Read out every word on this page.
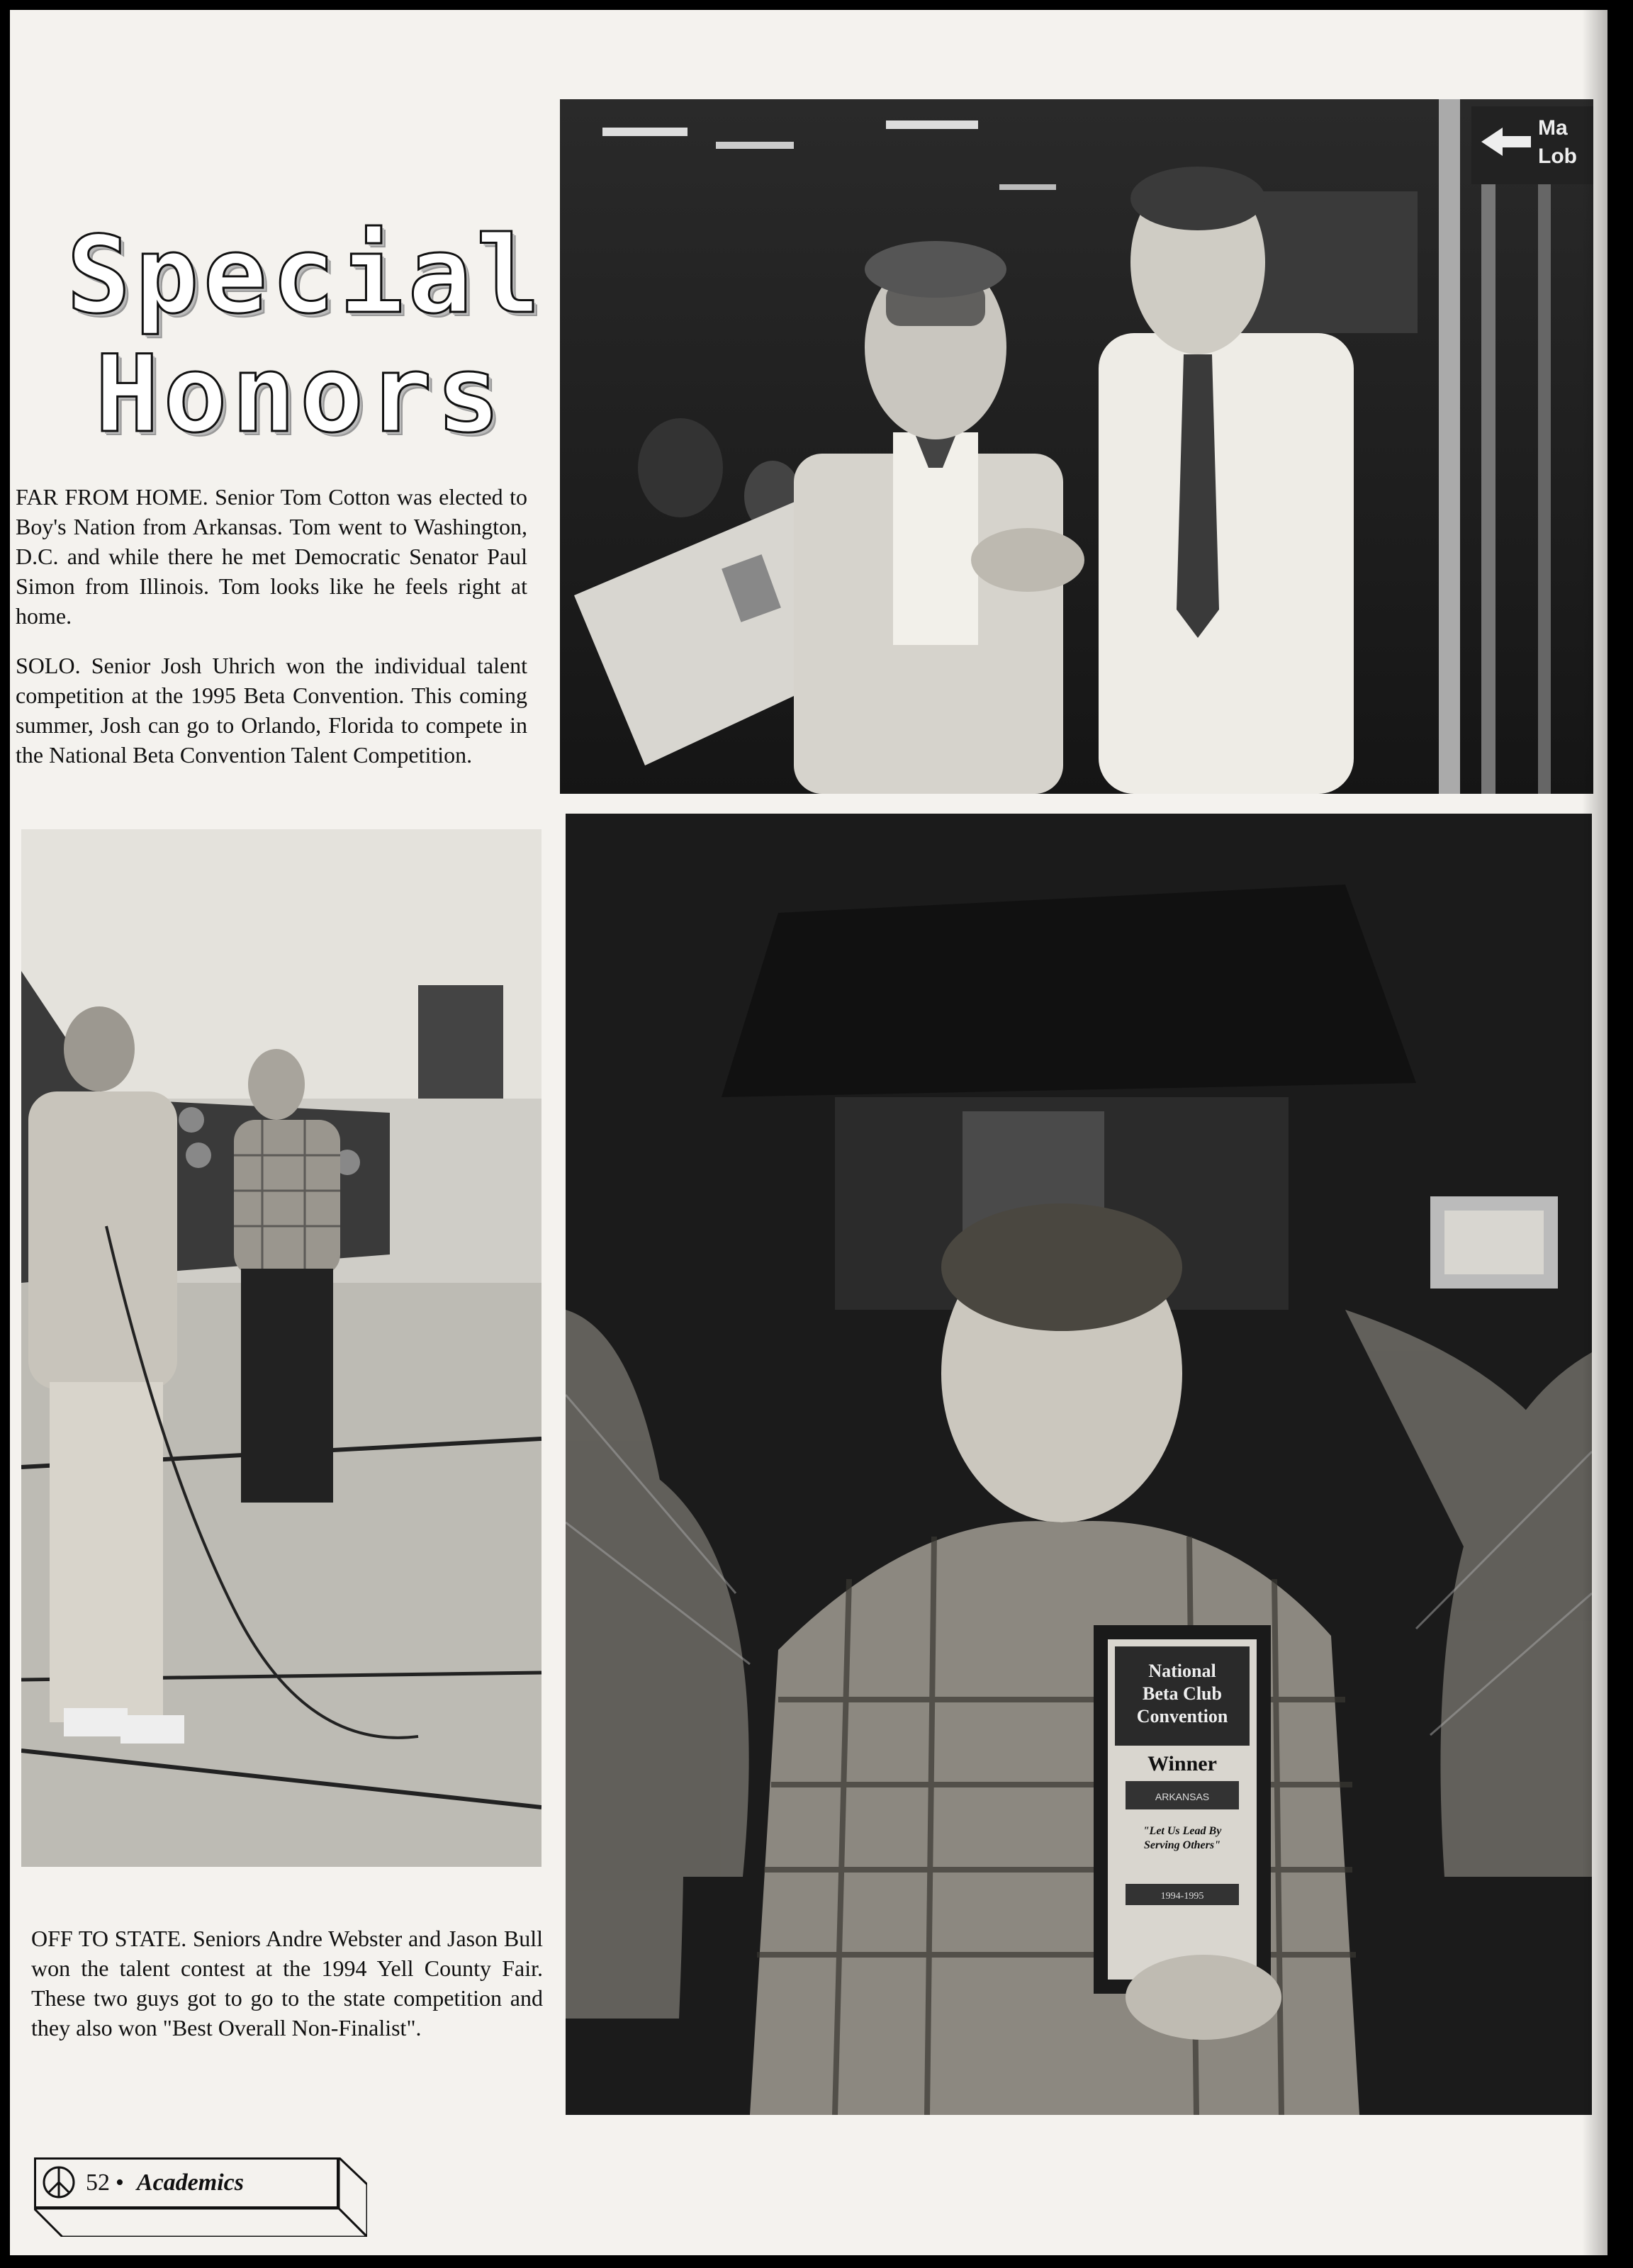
Special
Honors
FAR FROM HOME. Senior Tom Cotton was elected to Boy's Nation from Arkansas. Tom went to Washington, D.C. and while there he met Democratic Senator Paul Simon from Illinois. Tom looks like he feels right at home.
SOLO. Senior Josh Uhrich won the individual talent competition at the 1995 Beta Convention. This coming summer, Josh can go to Orlando, Florida to compete in the National Beta Convention Talent Competition.
OFF TO STATE. Seniors Andre Webster and Jason Bull won the talent contest at the 1994 Yell County Fair. These two guys got to go to the state competition and they also won "Best Overall Non-Finalist".
Ma
Lob
National
Beta Club
Convention
Winner
ARKANSAS
"Let Us Lead By
Serving Others"
1994-1995
52 • Academics
